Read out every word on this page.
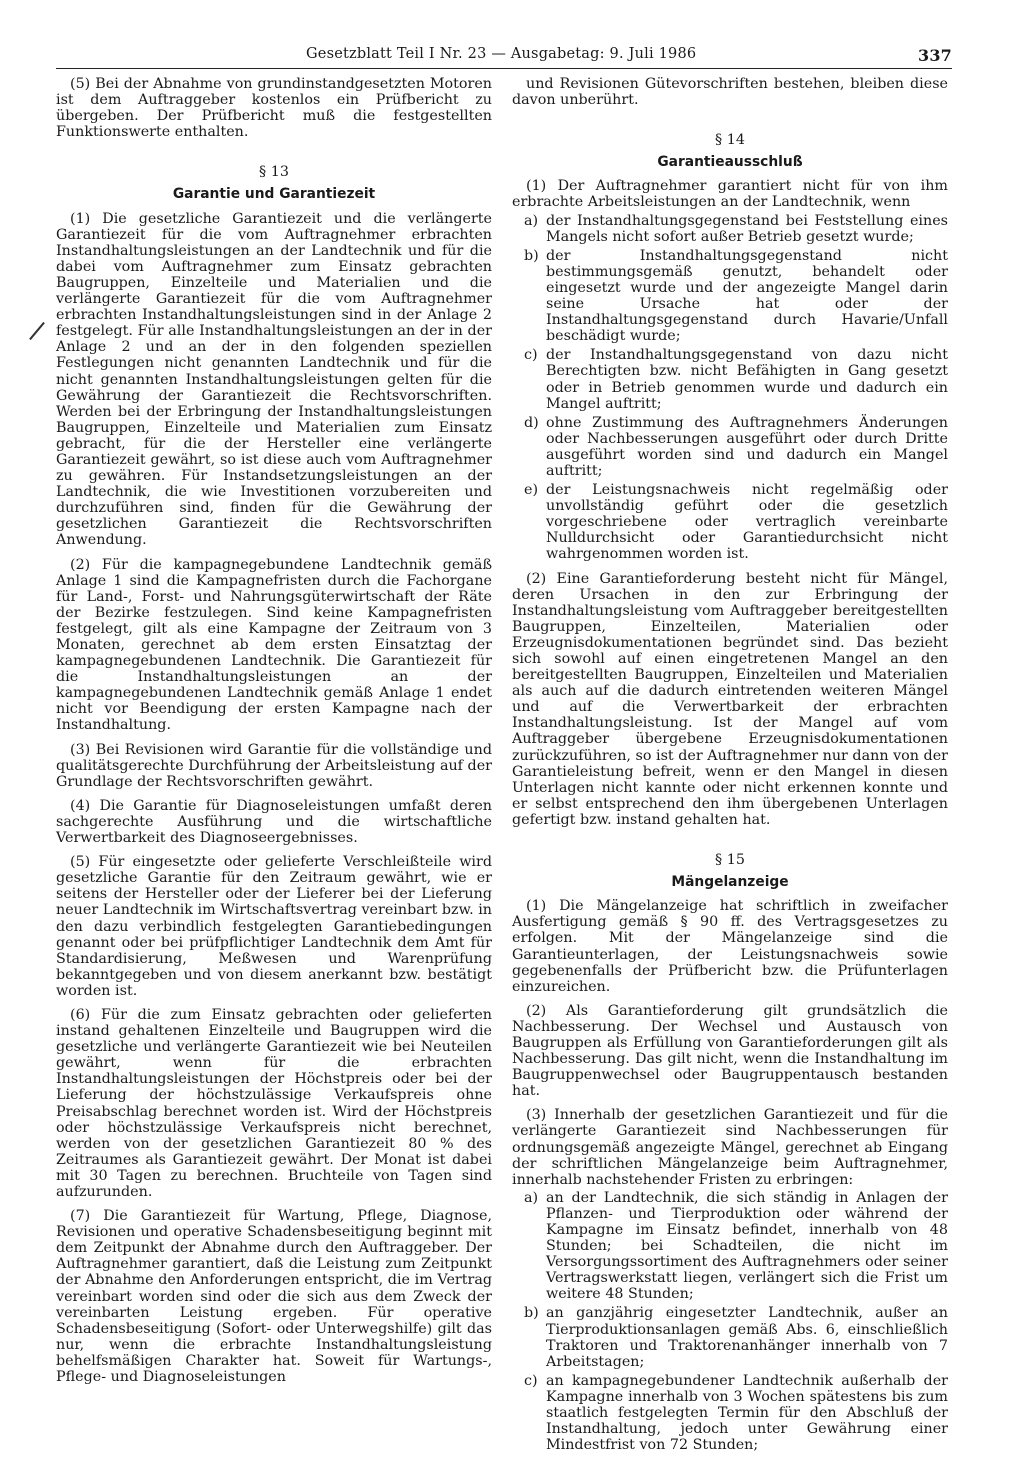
Gesetzblatt Teil I Nr. 23 — Ausgabetag: 9. Juli 1986	337

(5) Bei der Abnahme von grundinstandgesetzten Motoren ist dem Auftraggeber kostenlos ein Prüfbericht zu übergeben. Der Prüfbericht muß die festgestellten Funktionswerte enthalten.

§ 13
Garantie und Garantiezeit

(1) Die gesetzliche Garantiezeit und die verlängerte Garantiezeit für die vom Auftragnehmer erbrachten Instandhaltungsleistungen an der Landtechnik und für die dabei vom Auftragnehmer zum Einsatz gebrachten Baugruppen, Einzelteile und Materialien und die verlängerte Garantiezeit für die vom Auftragnehmer erbrachten Instandhaltungsleistungen sind in der Anlage 2 festgelegt. Für alle Instandhaltungsleistungen an der in der Anlage 2 und an der in den folgenden speziellen Festlegungen nicht genannten Landtechnik und für die nicht genannten Instandhaltungsleistungen gelten für die Gewährung der Garantiezeit die Rechtsvorschriften. Werden bei der Erbringung der Instandhaltungsleistungen Baugruppen, Einzelteile und Materialien zum Einsatz gebracht, für die der Hersteller eine verlängerte Garantiezeit gewährt, so ist diese auch vom Auftragnehmer zu gewähren. Für Instandsetzungsleistungen an der Landtechnik, die wie Investitionen vorzubereiten und durchzuführen sind, finden für die Gewährung der gesetzlichen Garantiezeit die Rechtsvorschriften Anwendung.

(2) Für die kampagnegebundene Landtechnik gemäß Anlage 1 sind die Kampagnefristen durch die Fachorgane für Land-, Forst- und Nahrungsgüterwirtschaft der Räte der Bezirke festzulegen. Sind keine Kampagnefristen festgelegt, gilt als eine Kampagne der Zeitraum von 3 Monaten, gerechnet ab dem ersten Einsatztag der kampagnegebundenen Landtechnik. Die Garantiezeit für die Instandhaltungsleistungen an der kampagnegebundenen Landtechnik gemäß Anlage 1 endet nicht vor Beendigung der ersten Kampagne nach der Instandhaltung.

(3) Bei Revisionen wird Garantie für die vollständige und qualitätsgerechte Durchführung der Arbeitsleistung auf der Grundlage der Rechtsvorschriften gewährt.

(4) Die Garantie für Diagnoseleistungen umfaßt deren sachgerechte Ausführung und die wirtschaftliche Verwertbarkeit des Diagnoseergebnisses.

(5) Für eingesetzte oder gelieferte Verschleißteile wird gesetzliche Garantie für den Zeitraum gewährt, wie er seitens der Hersteller oder der Lieferer bei der Lieferung neuer Landtechnik im Wirtschaftsvertrag vereinbart bzw. in den dazu verbindlich festgelegten Garantiebedingungen genannt oder bei prüfpflichtiger Landtechnik dem Amt für Standardisierung, Meßwesen und Warenprüfung bekanntgegeben und von diesem anerkannt bzw. bestätigt worden ist.

(6) Für die zum Einsatz gebrachten oder gelieferten instand gehaltenen Einzelteile und Baugruppen wird die gesetzliche und verlängerte Garantiezeit wie bei Neuteilen gewährt, wenn für die erbrachten Instandhaltungsleistungen der Höchstpreis oder bei der Lieferung der höchstzulässige Verkaufspreis ohne Preisabschlag berechnet worden ist. Wird der Höchstpreis oder höchstzulässige Verkaufspreis nicht berechnet, werden von der gesetzlichen Garantiezeit 80 % des Zeitraumes als Garantiezeit gewährt. Der Monat ist dabei mit 30 Tagen zu berechnen. Bruchteile von Tagen sind aufzurunden.

(7) Die Garantiezeit für Wartung, Pflege, Diagnose, Revisionen und operative Schadensbeseitigung beginnt mit dem Zeitpunkt der Abnahme durch den Auftraggeber. Der Auftragnehmer garantiert, daß die Leistung zum Zeitpunkt der Abnahme den Anforderungen entspricht, die im Vertrag vereinbart worden sind oder die sich aus dem Zweck der vereinbarten Leistung ergeben. Für operative Schadensbeseitigung (Sofort- oder Unterwegshilfe) gilt das nur, wenn die erbrachte Instandhaltungsleistung behelfsmäßigen Charakter hat. Soweit für Wartungs-, Pflege- und Diagnoseleistungen

und Revisionen Gütevorschriften bestehen, bleiben diese davon unberührt.

§ 14
Garantieausschluß

(1) Der Auftragnehmer garantiert nicht für von ihm erbrachte Arbeitsleistungen an der Landtechnik, wenn

a) der Instandhaltungsgegenstand bei Feststellung eines Mangels nicht sofort außer Betrieb gesetzt wurde;
b) der Instandhaltungsgegenstand nicht bestimmungsgemäß genutzt, behandelt oder eingesetzt wurde und der angezeigte Mangel darin seine Ursache hat oder der Instandhaltungsgegenstand durch Havarie/Unfall beschädigt wurde;
c) der Instandhaltungsgegenstand von dazu nicht Berechtigten bzw. nicht Befähigten in Gang gesetzt oder in Betrieb genommen wurde und dadurch ein Mangel auftritt;
d) ohne Zustimmung des Auftragnehmers Änderungen oder Nachbesserungen ausgeführt oder durch Dritte ausgeführt worden sind und dadurch ein Mangel auftritt;
e) der Leistungsnachweis nicht regelmäßig oder unvollständig geführt oder die gesetzlich vorgeschriebene oder vertraglich vereinbarte Nulldurchsicht oder Garantiedurchsicht nicht wahrgenommen worden ist.

(2) Eine Garantieforderung besteht nicht für Mängel, deren Ursachen in den zur Erbringung der Instandhaltungsleistung vom Auftraggeber bereitgestellten Baugruppen, Einzelteilen, Materialien oder Erzeugnisdokumentationen begründet sind. Das bezieht sich sowohl auf einen eingetretenen Mangel an den bereitgestellten Baugruppen, Einzelteilen und Materialien als auch auf die dadurch eintretenden weiteren Mängel und auf die Verwertbarkeit der erbrachten Instandhaltungsleistung. Ist der Mangel auf vom Auftraggeber übergebene Erzeugnisdokumentationen zurückzuführen, so ist der Auftragnehmer nur dann von der Garantieleistung befreit, wenn er den Mangel in diesen Unterlagen nicht kannte oder nicht erkennen konnte und er selbst entsprechend den ihm übergebenen Unterlagen gefertigt bzw. instand gehalten hat.

§ 15
Mängelanzeige

(1) Die Mängelanzeige hat schriftlich in zweifacher Ausfertigung gemäß § 90 ff. des Vertragsgesetzes zu erfolgen. Mit der Mängelanzeige sind die Garantieunterlagen, der Leistungsnachweis sowie gegebenenfalls der Prüfbericht bzw. die Prüfunterlagen einzureichen.

(2) Als Garantieforderung gilt grundsätzlich die Nachbesserung. Der Wechsel und Austausch von Baugruppen als Erfüllung von Garantieforderungen gilt als Nachbesserung. Das gilt nicht, wenn die Instandhaltung im Baugruppenwechsel oder Baugruppentausch bestanden hat.

(3) Innerhalb der gesetzlichen Garantiezeit und für die verlängerte Garantiezeit sind Nachbesserungen für ordnungsgemäß angezeigte Mängel, gerechnet ab Eingang der schriftlichen Mängelanzeige beim Auftragnehmer, innerhalb nachstehender Fristen zu erbringen:

a) an der Landtechnik, die sich ständig in Anlagen der Pflanzen- und Tierproduktion oder während der Kampagne im Einsatz befindet, innerhalb von 48 Stunden; bei Schadteilen, die nicht im Versorgungssortiment des Auftragnehmers oder seiner Vertragswerkstatt liegen, verlängert sich die Frist um weitere 48 Stunden;
b) an ganzjährig eingesetzter Landtechnik, außer an Tierproduktionsanlagen gemäß Abs. 6, einschließlich Traktoren und Traktorenanhänger innerhalb von 7 Arbeitstagen;
c) an kampagnegebundener Landtechnik außerhalb der Kampagne innerhalb von 3 Wochen spätestens bis zum staatlich festgelegten Termin für den Abschluß der Instandhaltung, jedoch unter Gewährung einer Mindestfrist von 72 Stunden;
